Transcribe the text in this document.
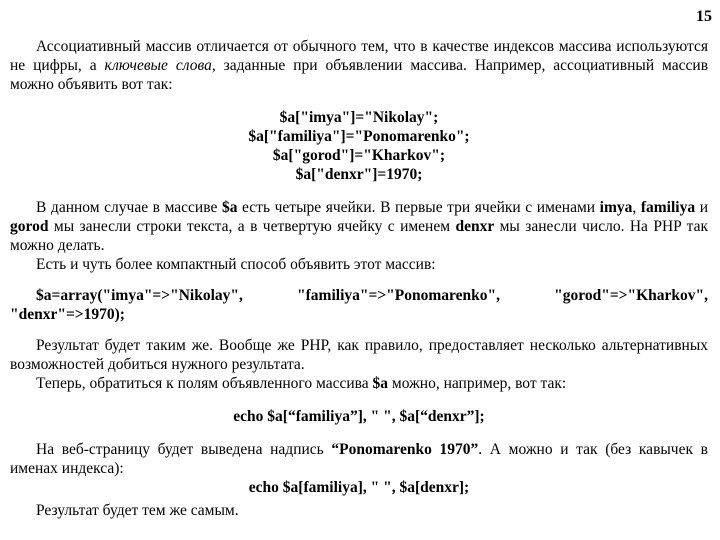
15

Ассоциативный массив отличается от обычного тем, что в качестве индексов массива используются не цифры, а ключевые слова, заданные при объявлении массива. Например, ассоциативный массив можно объявить вот так:

$a["imya"]="Nikolay";

$a["familiya"]="Ponomarenko";

$a["gorod"]="Kharkov";

$a["denxr"]=1970;

В данном случае в массиве $a есть четыре ячейки. В первые три ячейки с именами imya, familiya и gorod мы занесли строки текста, а в четвертую ячейку с именем denxr мы занесли число. На PHP так можно делать.

Есть и чуть более компактный способ объявить этот массив:

$a=array("imya"=>"Nikolay", "familiya"=>"Ponomarenko", "gorod"=>"Kharkov", "denxr"=>1970);

Результат будет таким же. Вообще же PHP, как правило, предоставляет несколько альтернативных возможностей добиться нужного результата.

Теперь, обратиться к полям объявленного массива $a можно, например, вот так:

echo $a[“familiya”], " ", $a[“denxr”];

На веб-страницу будет выведена надпись “Ponomarenko 1970”. А можно и так (без кавычек в именах индекса):

echo $a[familiya], " ", $a[denxr];

Результат будет тем же самым.
